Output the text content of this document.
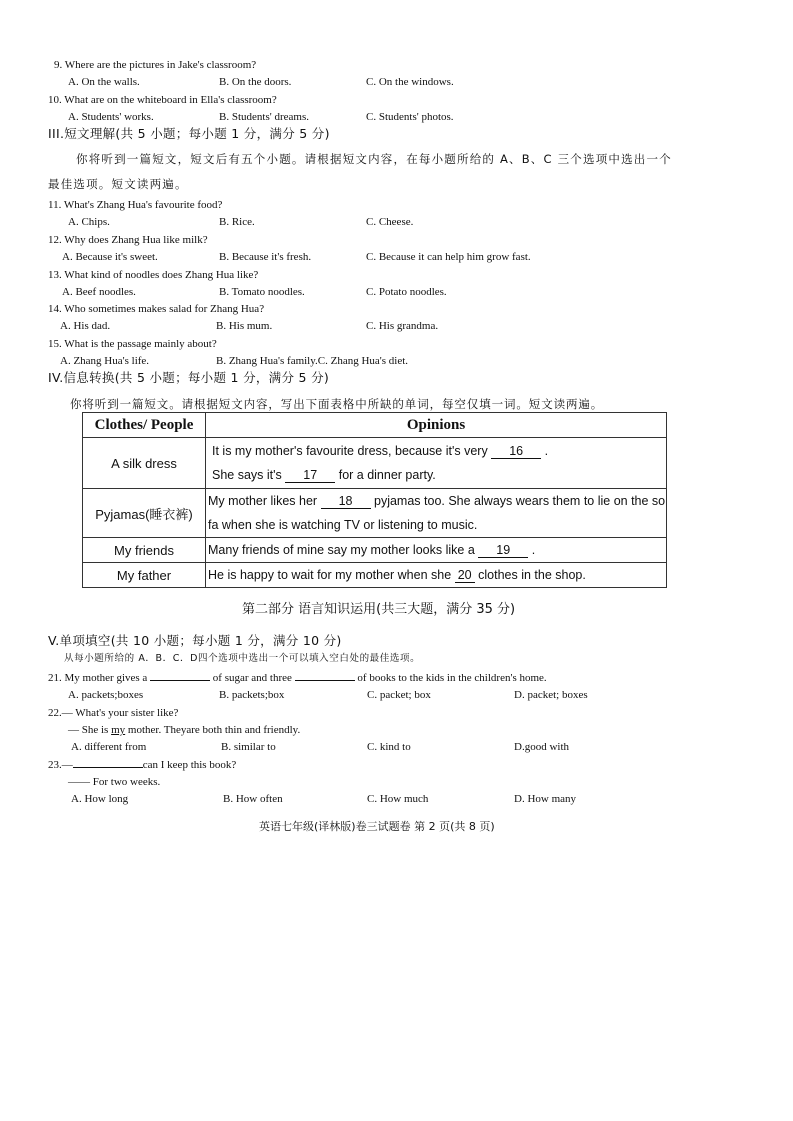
9. Where are the pictures in Jake's classroom?
A. On the walls.	B. On the doors.	C. On the windows.
10. What are on the whiteboard in Ella's classroom?
A. Students' works.	B. Students' dreams.	C. Students' photos.
III.短文理解(共 5 小题；每小题 1 分，满分 5 分)
你将听到一篇短文，短文后有五个小题。请根据短文内容，在每小题所给的 A、B、C 三个选项中选出一个
最佳选项。短文读两遍。
11. What's Zhang Hua's favourite food?
A. Chips.	B. Rice.	C. Cheese.
12. Why does Zhang Hua like milk?
A. Because it's sweet.	B. Because it's fresh.	C. Because it can help him grow fast.
13. What kind of noodles does Zhang Hua like?
A. Beef noodles.	B. Tomato noodles.	C. Potato noodles.
14. Who sometimes makes salad for Zhang Hua?
A. His dad.	B. His mum.	C. His grandma.
15. What is the passage mainly about?
A. Zhang Hua's life.	B. Zhang Hua's family.C. Zhang Hua's diet.
IV.信息转换(共 5 小题；每小题 1 分，满分 5 分)
你将听到一篇短文。请根据短文内容，写出下面表格中所缺的单词，每空仅填一词。短文读两遍。
Clothes/ People	Opinions
A silk dress	It is my mother's favourite dress, because it's very 16 .
She says it's 17 for a dinner party.

Pyjamas(睡衣裤)	My mother likes her 18 pyjamas too. She always wears them to lie on the so
fa when she is watching TV or listening to music.

My friends	Many friends of mine say my mother looks like a 19 .
My father	He is happy to wait for my mother when she 20 clothes in the shop.
第二部分 语言知识运用(共三大题，满分 35 分)
V.单项填空(共 10 小题；每小题 1 分，满分 10 分)
从每小题所给的 A．B．C．D四个选项中选出一个可以填入空白处的最佳选项。
21. My mother gives a	of sugar and three	of books to the kids in the children's home.
A. packets;boxes	B. packets;box	C. packet; box	D. packet; boxes
22.— What's your sister like?
— She is my mother. Theyare both thin and friendly.
A. different from	B. similar to	C. kind to	D.good with
23.—	can I keep this book?
—— For two weeks.
A. How long	B. How often	C. How much	D. How many
英语七年级(译林版)卷三试题卷 第 2 页(共 8 页)
